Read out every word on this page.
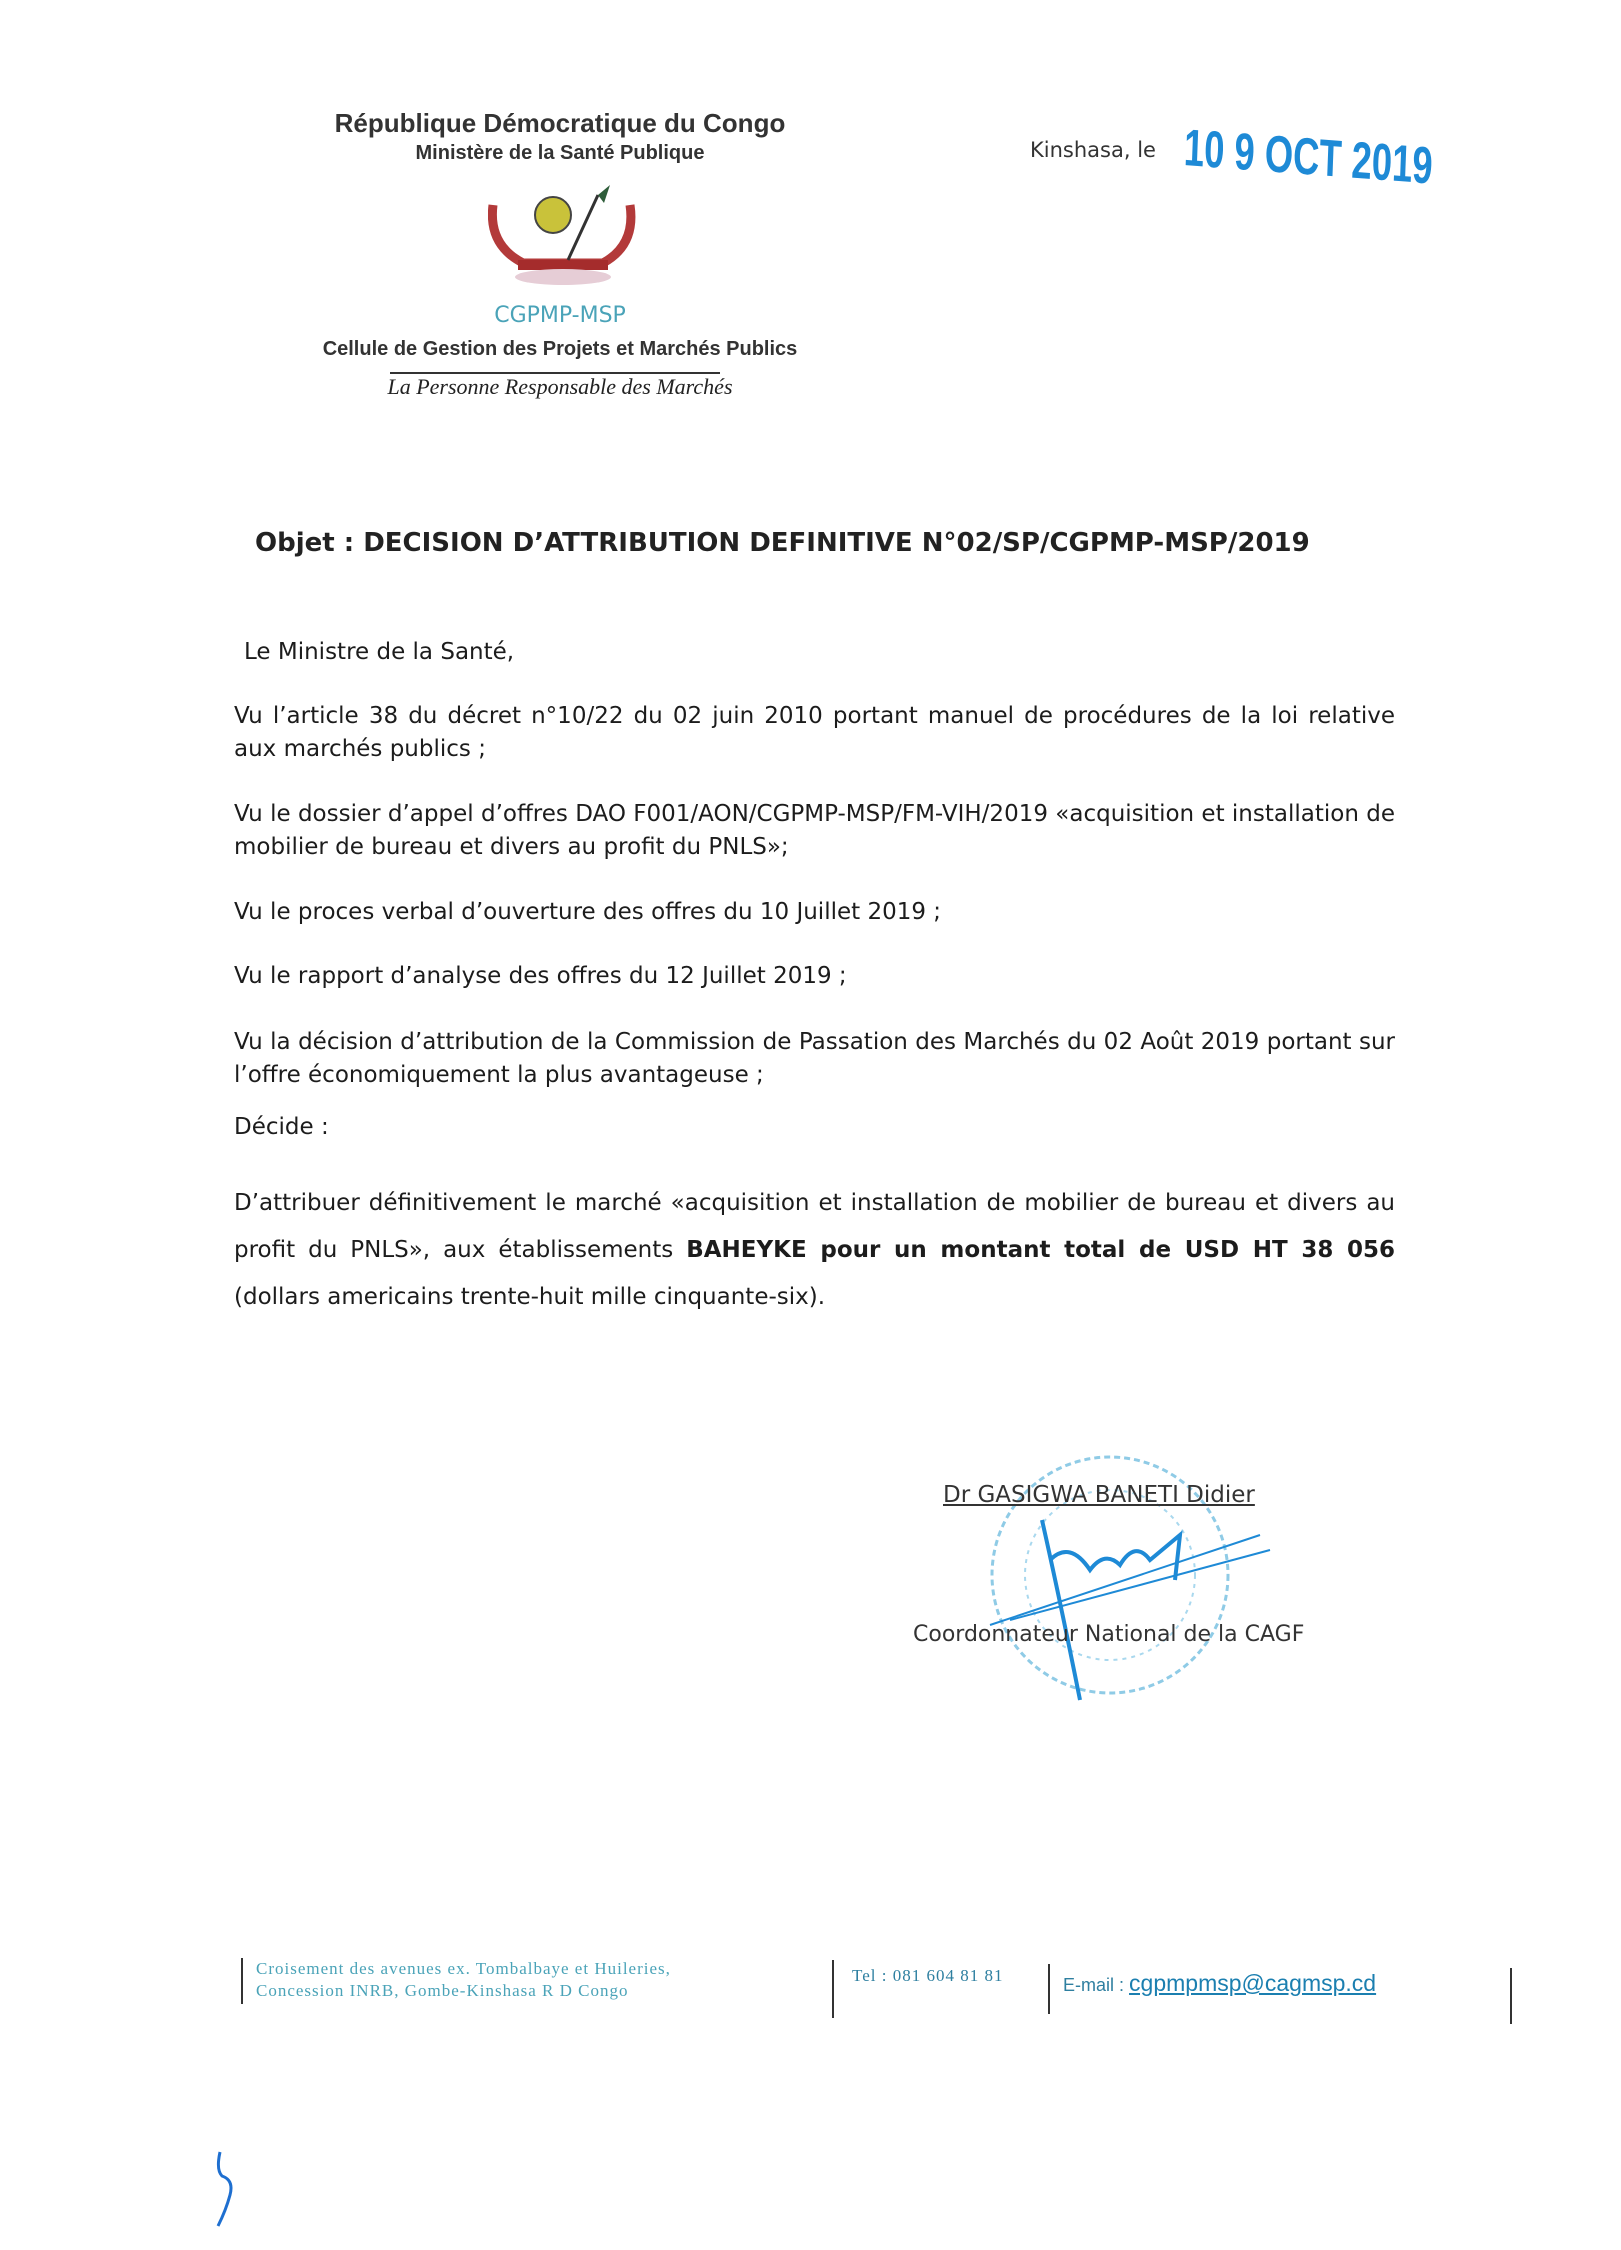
République Démocratique du Congo
Ministère de la Santé Publique
CGPMP-MSP
Cellule de Gestion des Projets et Marchés Publics
La Personne Responsable des Marchés
Kinshasa, le 10 9 OCT 2019
Objet : DECISION D’ATTRIBUTION DEFINITIVE N°02/SP/CGPMP-MSP/2019
Le Ministre de la Santé,
Vu l’article 38 du décret n°10/22 du 02 juin 2010 portant manuel de procédures de la loi relative aux marchés publics ;
Vu le dossier d’appel d’offres DAO F001/AON/CGPMP-MSP/FM-VIH/2019 «acquisition et installation de mobilier de bureau et divers au profit du PNLS»;
Vu le proces verbal d’ouverture des offres du 10 Juillet 2019 ;
Vu le rapport d’analyse des offres du 12 Juillet 2019 ;
Vu la décision d’attribution de la Commission de Passation des Marchés du 02 Août 2019 portant sur l’offre économiquement la plus avantageuse ;
Décide :
D’attribuer définitivement le marché «acquisition et installation de mobilier de bureau et divers au profit du PNLS», aux établissements BAHEYKE pour un montant total de USD HT 38 056 (dollars americains trente-huit mille cinquante-six).
Dr GASIGWA BANETI Didier
Coordonnateur National de la CAGF
Croisement des avenues ex. Tombalbaye et Huileries,
Concession INRB, Gombe-Kinshasa R D Congo
Tel : 081 604 81 81	E-mail : cgpmpmsp@cagmsp.cd
